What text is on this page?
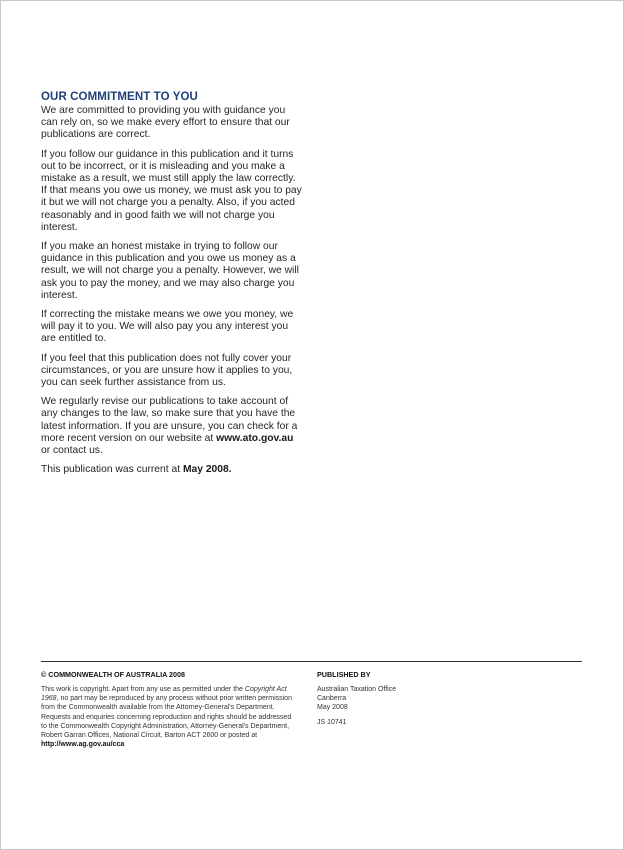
OUR COMMITMENT TO YOU

We are committed to providing you with guidance you can rely on, so we make every effort to ensure that our publications are correct.

If you follow our guidance in this publication and it turns out to be incorrect, or it is misleading and you make a mistake as a result, we must still apply the law correctly. If that means you owe us money, we must ask you to pay it but we will not charge you a penalty. Also, if you acted reasonably and in good faith we will not charge you interest.

If you make an honest mistake in trying to follow our guidance in this publication and you owe us money as a result, we will not charge you a penalty. However, we will ask you to pay the money, and we may also charge you interest.

If correcting the mistake means we owe you money, we will pay it to you. We will also pay you any interest you are entitled to.

If you feel that this publication does not fully cover your circumstances, or you are unsure how it applies to you, you can seek further assistance from us.

We regularly revise our publications to take account of any changes to the law, so make sure that you have the latest information. If you are unsure, you can check for a more recent version on our website at www.ato.gov.au or contact us.

This publication was current at May 2008.

© COMMONWEALTH OF AUSTRALIA 2008

This work is copyright. Apart from any use as permitted under the Copyright Act 1968, no part may be reproduced by any process without prior written permission from the Commonwealth available from the Attorney-General's Department. Requests and enquiries concerning reproduction and rights should be addressed to the Commonwealth Copyright Administration, Attorney-General's Department, Robert Garran Offices, National Circuit, Barton ACT 2600 or posted at http://www.ag.gov.au/cca

PUBLISHED BY
Australian Taxation Office
Canberra
May 2008
JS 10741
